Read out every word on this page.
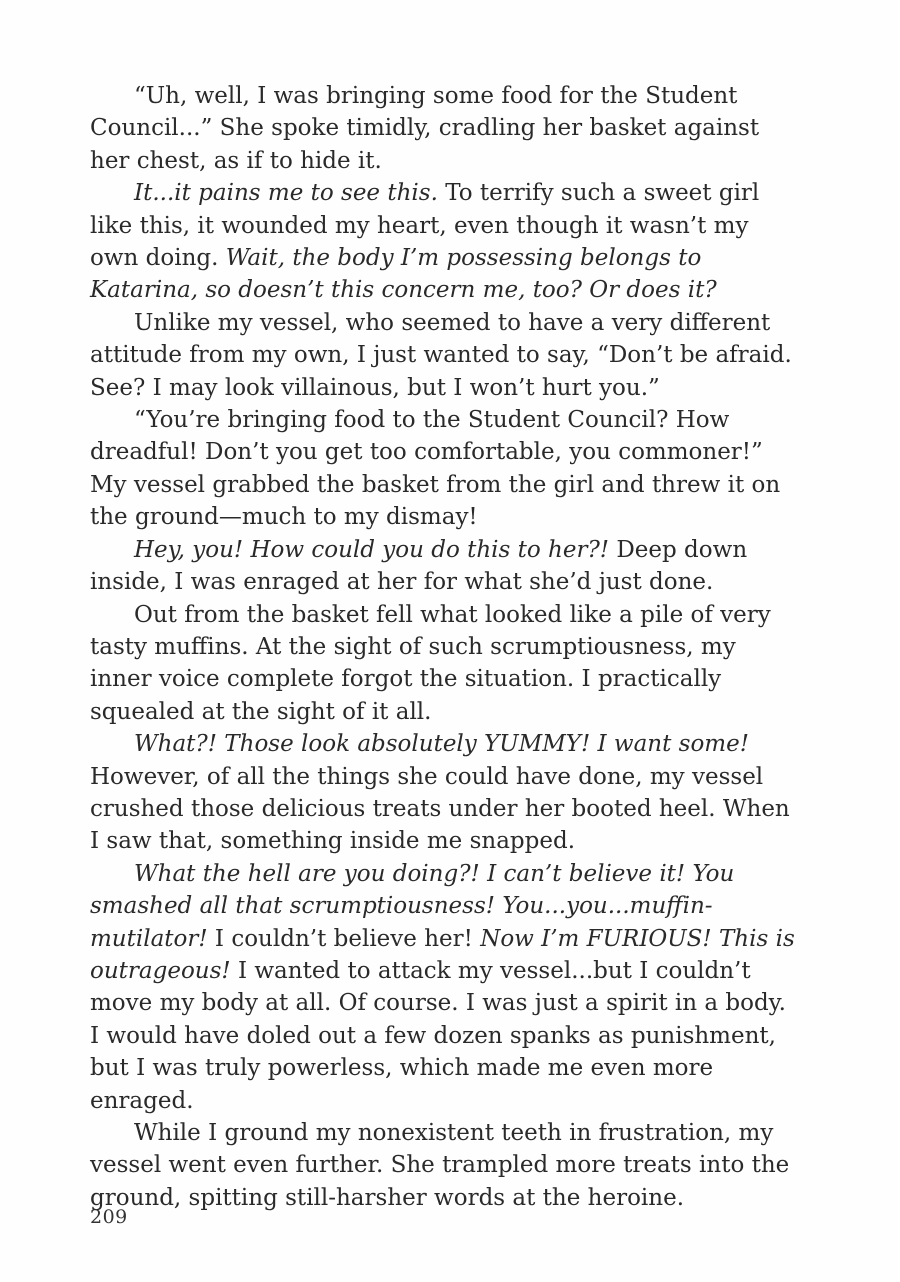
“Uh, well, I was bringing some food for the Student Council...” She spoke timidly, cradling her basket against her chest, as if to hide it.

It...it pains me to see this. To terrify such a sweet girl like this, it wounded my heart, even though it wasn’t my own doing. Wait, the body I’m possessing belongs to Katarina, so doesn’t this concern me, too? Or does it?

Unlike my vessel, who seemed to have a very different attitude from my own, I just wanted to say, “Don’t be afraid. See? I may look villainous, but I won’t hurt you.”

“You’re bringing food to the Student Council? How dreadful! Don’t you get too comfortable, you commoner!” My vessel grabbed the basket from the girl and threw it on the ground—much to my dismay!

Hey, you! How could you do this to her?! Deep down inside, I was enraged at her for what she’d just done.

Out from the basket fell what looked like a pile of very tasty muffins. At the sight of such scrumptiousness, my inner voice complete forgot the situation. I practically squealed at the sight of it all.

What?! Those look absolutely YUMMY! I want some! However, of all the things she could have done, my vessel crushed those delicious treats under her booted heel. When I saw that, something inside me snapped.

What the hell are you doing?! I can’t believe it! You smashed all that scrumptiousness! You...you...muffin-mutilator! I couldn’t believe her! Now I’m FURIOUS! This is outrageous! I wanted to attack my vessel...but I couldn’t move my body at all. Of course. I was just a spirit in a body. I would have doled out a few dozen spanks as punishment, but I was truly powerless, which made me even more enraged.

While I ground my nonexistent teeth in frustration, my vessel went even further. She trampled more treats into the ground, spitting still-harsher words at the heroine.

209
